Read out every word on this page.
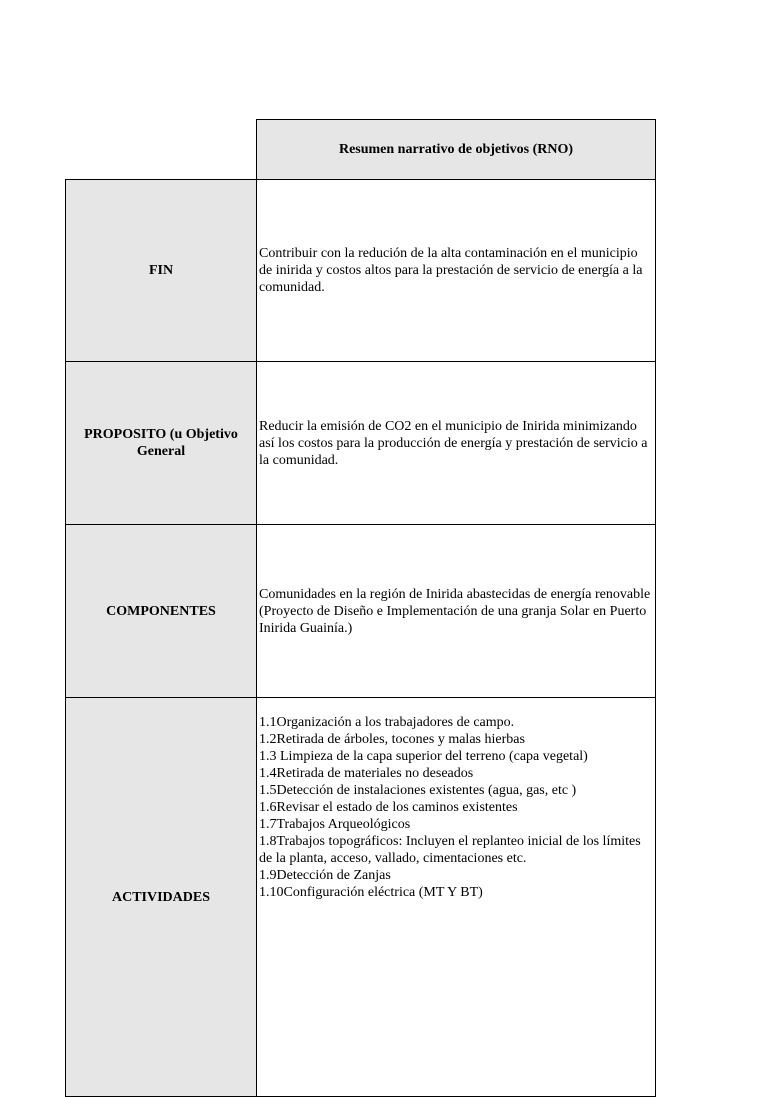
Resumen narrativo de objetivos (RNO)
FIN
Contribuir con la redución de la alta contaminación en el municipio de inirida y costos altos para la prestación de servicio de energía a la comunidad.
PROPOSITO (u Objetivo General
Reducir la emisión de CO2 en el municipio de Inirida minimizando así los costos para la producción de energía y prestación de servicio a la comunidad.
COMPONENTES
Comunidades en la región de Inirida abastecidas de energía renovable (Proyecto de Diseño e Implementación de una granja Solar en Puerto Inirida Guainía.)
ACTIVIDADES
1.1Organización a los trabajadores de campo.
1.2Retirada de árboles, tocones y malas hierbas
1.3 Limpieza de la capa superior del terreno (capa vegetal)
1.4Retirada de materiales no deseados
1.5Detección de instalaciones existentes (agua, gas, etc )
1.6Revisar el estado de los caminos existentes
1.7Trabajos Arqueológicos
1.8Trabajos topográficos: Incluyen el replanteo inicial de los límites de la planta, acceso, vallado, cimentaciones etc.
1.9Detección de Zanjas
1.10Configuración eléctrica (MT Y BT)
